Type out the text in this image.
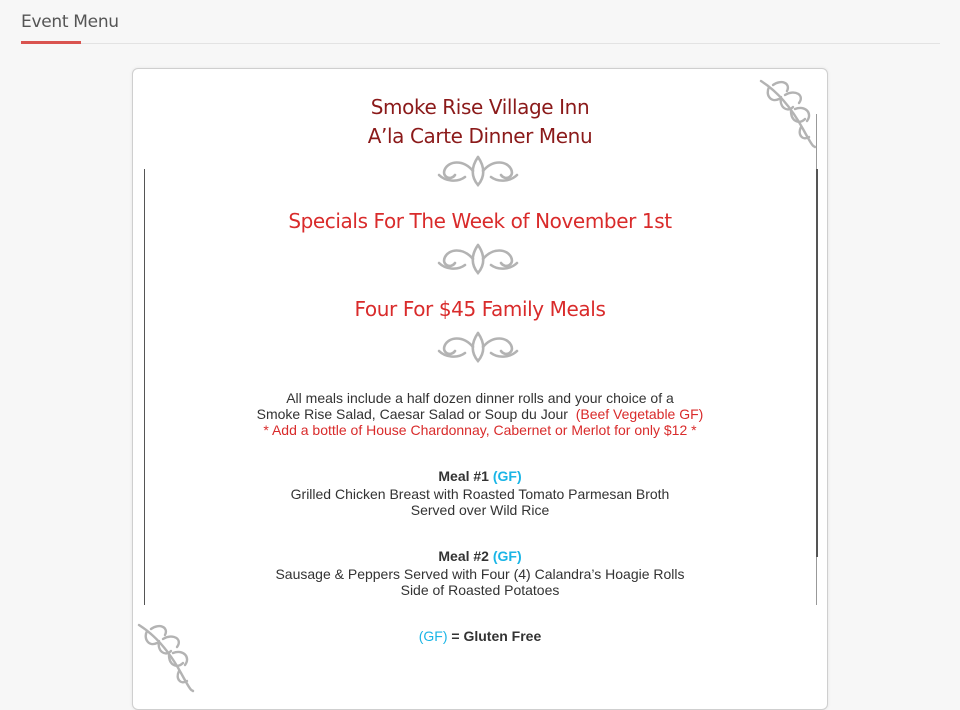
Event Menu
Smoke Rise Village Inn
A’la Carte Dinner Menu
Specials For The Week of November 1st
Four For $45 Family Meals
All meals include a half dozen dinner rolls and your choice of a
Smoke Rise Salad, Caesar Salad or Soup du Jour (Beef Vegetable GF)
* Add a bottle of House Chardonnay, Cabernet or Merlot for only $12 *
Meal #1 (GF)
Grilled Chicken Breast with Roasted Tomato Parmesan Broth
Served over Wild Rice
Meal #2 (GF)
Sausage & Peppers Served with Four (4) Calandra’s Hoagie Rolls
Side of Roasted Potatoes
(GF) = Gluten Free
